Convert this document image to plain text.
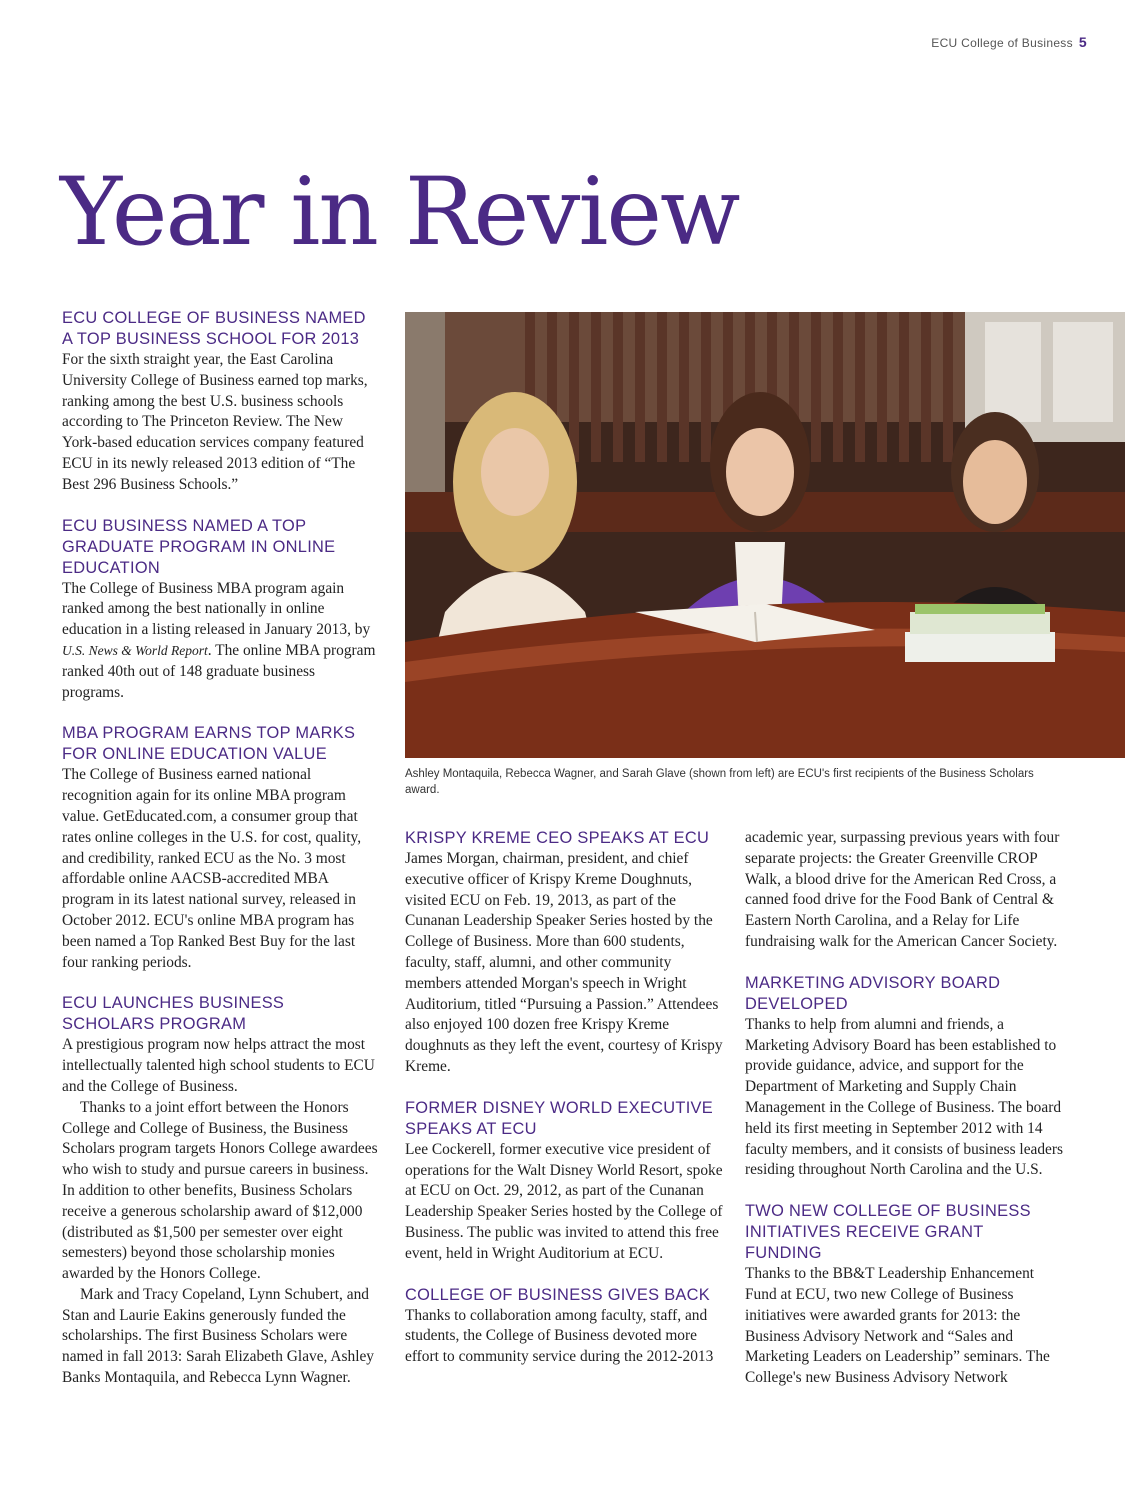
ECU College of Business 5
Year in Review
ECU COLLEGE OF BUSINESS NAMED A TOP BUSINESS SCHOOL FOR 2013

For the sixth straight year, the East Carolina University College of Business earned top marks, ranking among the best U.S. business schools according to The Princeton Review. The New York-based education services company featured ECU in its newly released 2013 edition of “The Best 296 Business Schools.”

ECU BUSINESS NAMED A TOP GRADUATE PROGRAM IN ONLINE EDUCATION

The College of Business MBA program again ranked among the best nationally in online education in a listing released in January 2013, by U.S. News & World Report. The online MBA program ranked 40th out of 148 graduate business programs.

MBA PROGRAM EARNS TOP MARKS FOR ONLINE EDUCATION VALUE

The College of Business earned national recognition again for its online MBA program value. GetEducated.com, a consumer group that rates online colleges in the U.S. for cost, quality, and credibility, ranked ECU as the No. 3 most affordable online AACSB-accredited MBA program in its latest national survey, released in October 2012. ECU's online MBA program has been named a Top Ranked Best Buy for the last four ranking periods.

ECU LAUNCHES BUSINESS SCHOLARS PROGRAM

A prestigious program now helps attract the most intellectually talented high school students to ECU and the College of Business.

Thanks to a joint effort between the Honors College and College of Business, the Business Scholars program targets Honors College awardees who wish to study and pursue careers in business. In addition to other benefits, Business Scholars receive a generous scholarship award of $12,000 (distributed as $1,500 per semester over eight semesters) beyond those scholarship monies awarded by the Honors College.

Mark and Tracy Copeland, Lynn Schubert, and Stan and Laurie Eakins generously funded the scholarships. The first Business Scholars were named in fall 2013: Sarah Elizabeth Glave, Ashley Banks Montaquila, and Rebecca Lynn Wagner.

Ashley Montaquila, Rebecca Wagner, and Sarah Glave (shown from left) are ECU's first recipients of the Business Scholars award.

KRISPY KREME CEO SPEAKS AT ECU

James Morgan, chairman, president, and chief executive officer of Krispy Kreme Doughnuts, visited ECU on Feb. 19, 2013, as part of the Cunanan Leadership Speaker Series hosted by the College of Business. More than 600 students, faculty, staff, alumni, and other community members attended Morgan's speech in Wright Auditorium, titled “Pursuing a Passion.” Attendees also enjoyed 100 dozen free Krispy Kreme doughnuts as they left the event, courtesy of Krispy Kreme.

FORMER DISNEY WORLD EXECUTIVE SPEAKS AT ECU

Lee Cockerell, former executive vice president of operations for the Walt Disney World Resort, spoke at ECU on Oct. 29, 2012, as part of the Cunanan Leadership Speaker Series hosted by the College of Business. The public was invited to attend this free event, held in Wright Auditorium at ECU.

COLLEGE OF BUSINESS GIVES BACK

Thanks to collaboration among faculty, staff, and students, the College of Business devoted more effort to community service during the 2012-2013

academic year, surpassing previous years with four separate projects: the Greater Greenville CROP Walk, a blood drive for the American Red Cross, a canned food drive for the Food Bank of Central & Eastern North Carolina, and a Relay for Life fundraising walk for the American Cancer Society.

MARKETING ADVISORY BOARD DEVELOPED

Thanks to help from alumni and friends, a Marketing Advisory Board has been established to provide guidance, advice, and support for the Department of Marketing and Supply Chain Management in the College of Business. The board held its first meeting in September 2012 with 14 faculty members, and it consists of business leaders residing throughout North Carolina and the U.S.

TWO NEW COLLEGE OF BUSINESS INITIATIVES RECEIVE GRANT FUNDING

Thanks to the BB&T Leadership Enhancement Fund at ECU, two new College of Business initiatives were awarded grants for 2013: the Business Advisory Network and “Sales and Marketing Leaders on Leadership” seminars. The College's new Business Advisory Network
